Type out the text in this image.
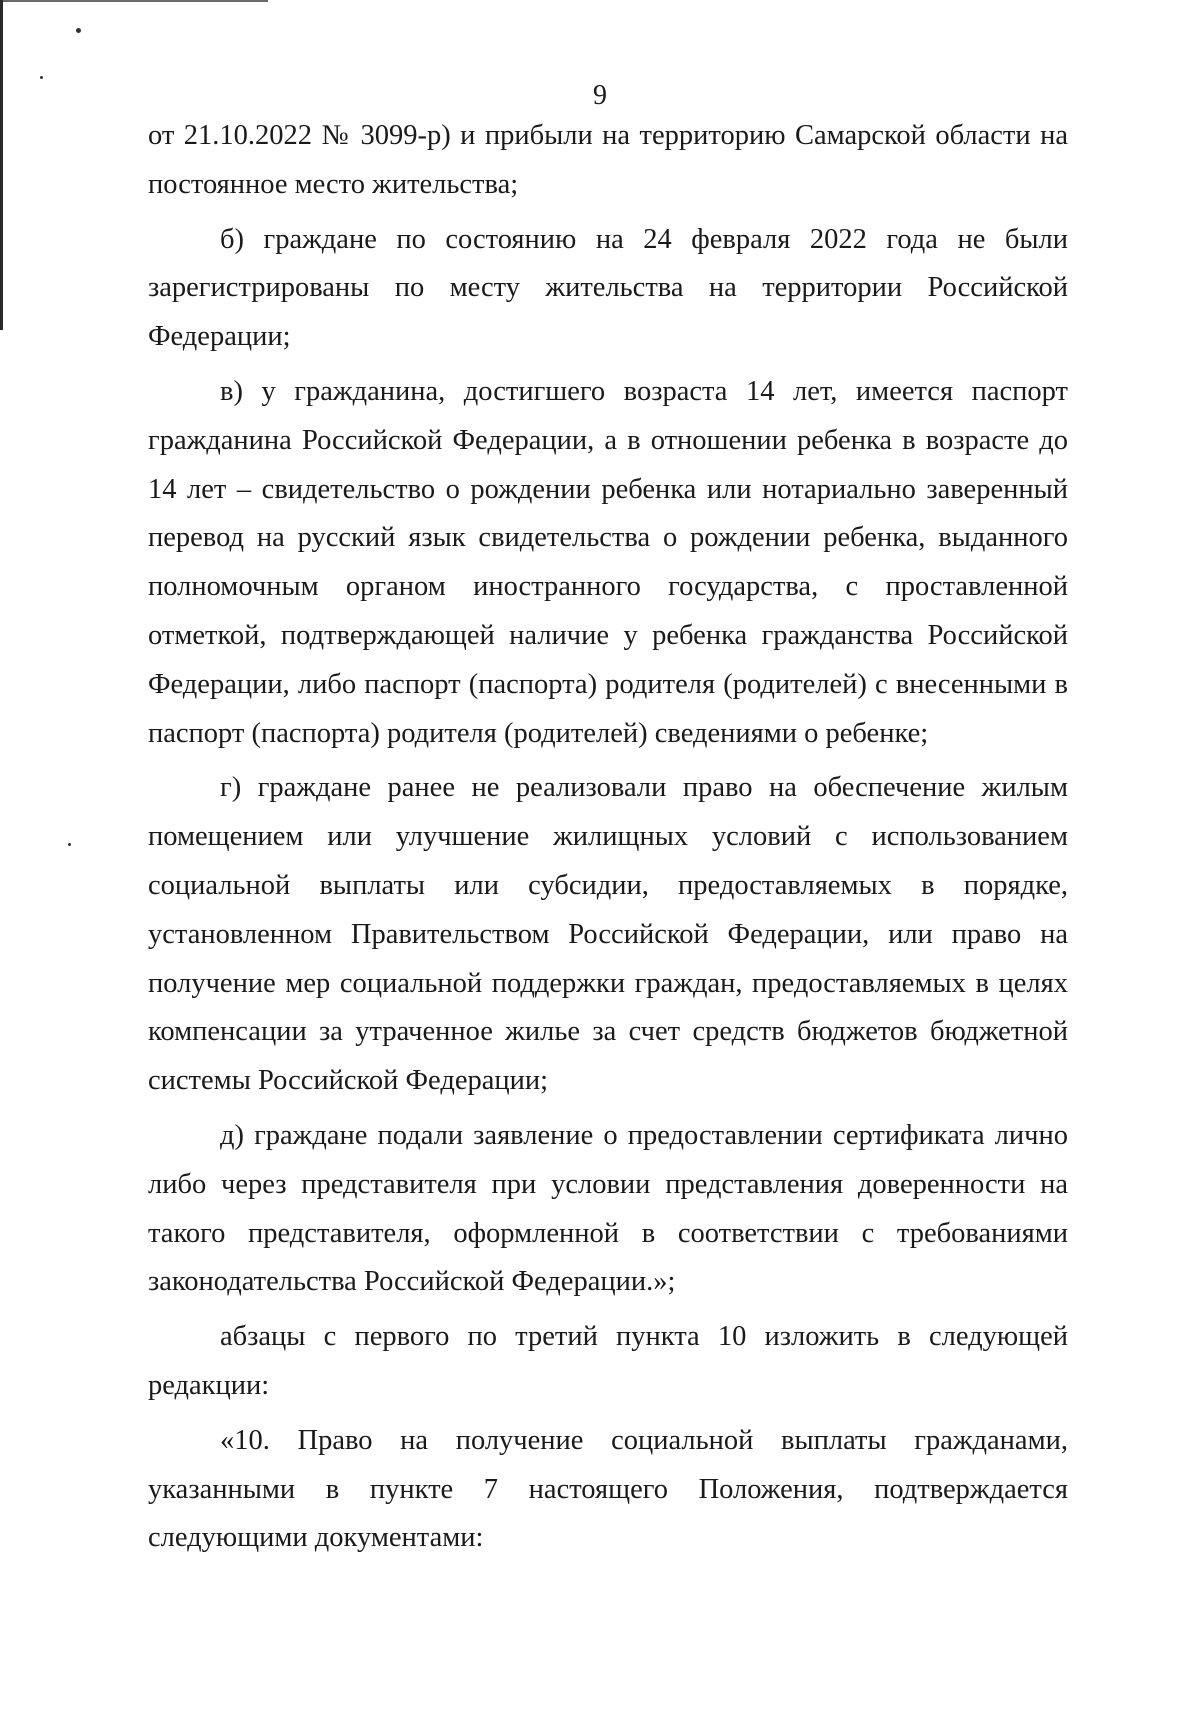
9

от 21.10.2022 № 3099-р) и прибыли на территорию Самарской области на постоянное место жительства;

б) граждане по состоянию на 24 февраля 2022 года не были зарегистрированы по месту жительства на территории Российской Федерации;

в) у гражданина, достигшего возраста 14 лет, имеется паспорт гражданина Российской Федерации, а в отношении ребенка в возрасте до 14 лет – свидетельство о рождении ребенка или нотариально заверенный перевод на русский язык свидетельства о рождении ребенка, выданного полномочным органом иностранного государства, с проставленной отметкой, подтверждающей наличие у ребенка гражданства Российской Федерации, либо паспорт (паспорта) родителя (родителей) с внесенными в паспорт (паспорта) родителя (родителей) сведениями о ребенке;

г) граждане ранее не реализовали право на обеспечение жилым помещением или улучшение жилищных условий с использованием социальной выплаты или субсидии, предоставляемых в порядке, установленном Правительством Российской Федерации, или право на получение мер социальной поддержки граждан, предоставляемых в целях компенсации за утраченное жилье за счет средств бюджетов бюджетной системы Российской Федерации;

д) граждане подали заявление о предоставлении сертификата лично либо через представителя при условии представления доверенности на такого представителя, оформленной в соответствии с требованиями законодательства Российской Федерации.»;

абзацы с первого по третий пункта 10 изложить в следующей редакции:

«10. Право на получение социальной выплаты гражданами, указанными в пункте 7 настоящего Положения, подтверждается следующими документами:
